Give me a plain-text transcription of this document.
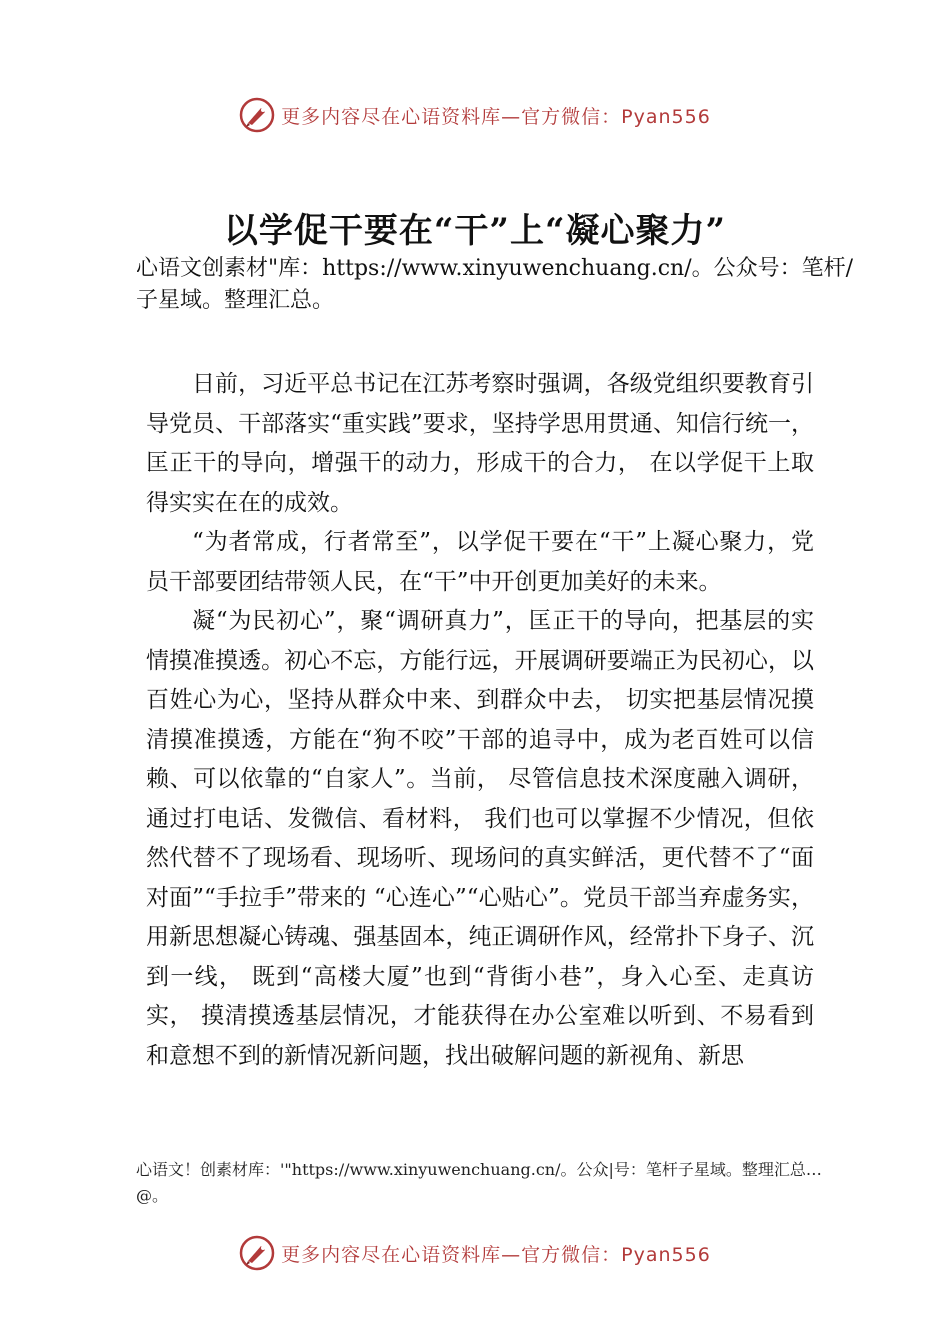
更多内容尽在心语资料库—官方微信：Pyan556
以学促干要在“干”上“凝心聚力”

心语文创素材"库：https://www.xinyuwenchuang.cn/。公众号：笔杆/子星域。整理汇总。

日前，习近平总书记在江苏考察时强调，各级党组织要教育引导党员、干部落实“重实践”要求，坚持学思用贯通、知信行统一，匡正干的导向，增强干的动力，形成干的合力， 在以学促干上取得实实在在的成效。

“为者常成，行者常至”，以学促干要在“干”上凝心聚力，党员干部要团结带领人民，在“干”中开创更加美好的未来。

凝“为民初心”，聚“调研真力”，匡正干的导向，把基层的实情摸准摸透。初心不忘，方能行远，开展调研要端正为民初心，以百姓心为心，坚持从群众中来、到群众中去， 切实把基层情况摸清摸准摸透，方能在“狗不咬”干部的追寻中，成为老百姓可以信赖、可以依靠的“自家人”。当前， 尽管信息技术深度融入调研，通过打电话、发微信、看材料， 我们也可以掌握不少情况，但依然代替不了现场看、现场听、现场问的真实鲜活，更代替不了“面对面”“手拉手”带来的 “心连心”“心贴心”。党员干部当弃虚务实，用新思想凝心铸魂、强基固本，纯正调研作风，经常扑下身子、沉到一线， 既到“高楼大厦”也到“背街小巷”，身入心至、走真访实， 摸清摸透基层情况，才能获得在办公室难以听到、不易看到和意想不到的新情况新问题，找出破解问题的新视角、新思

心语文！创素材库：'"https://www.xinyuwenchuang.cn/。公众|号：笔杆子星域。整理汇总…@。

更多内容尽在心语资料库—官方微信：Pyan556
